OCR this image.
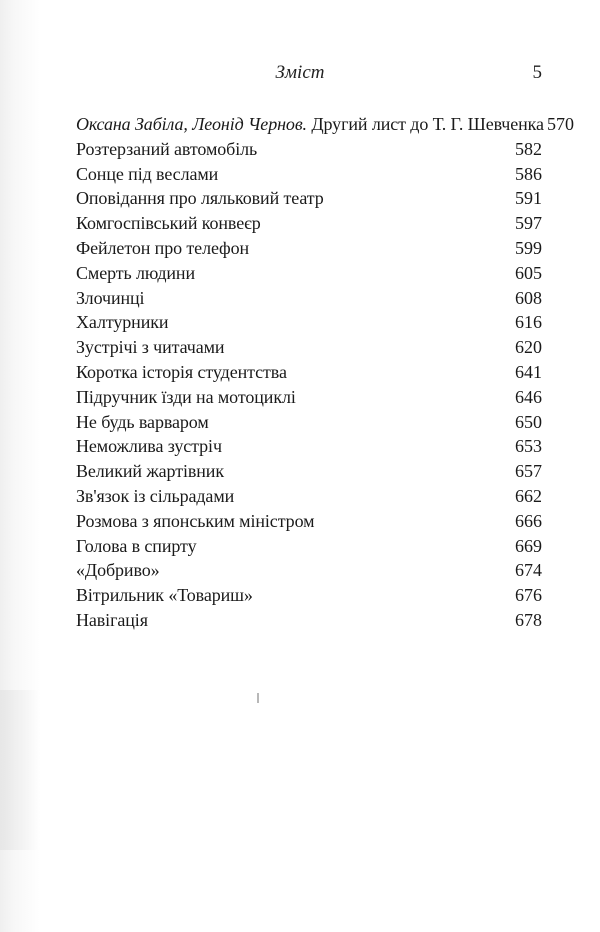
Зміст	5
Оксана Забіла, Леонід Чернов. Другий лист до Т. Г. Шевченка 570
Розтерзаний автомобіль	582
Сонце під веслами	586
Оповідання про ляльковий театр	591
Комгоспівський конвеєр	597
Фейлетон про телефон	599
Смерть людини	605
Злочинці	608
Халтурники	616
Зустрічі з читачами	620
Коротка історія студентства	641
Підручник їзди на мотоциклі	646
Не будь варваром	650
Неможлива зустріч	653
Великий жартівник	657
Зв'язок із сільрадами	662
Розмова з японським міністром	666
Голова в спирту	669
«Добриво»	674
Вітрильник «Товариш»	676
Навігація	678
